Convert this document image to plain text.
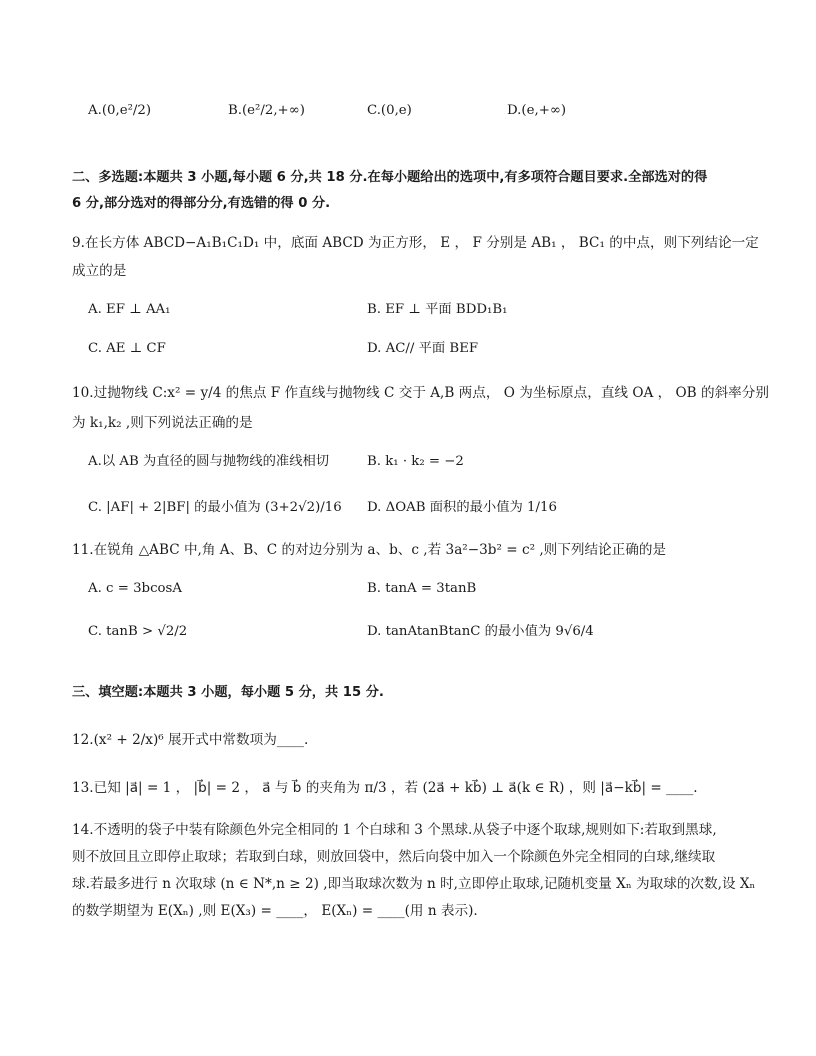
A.(0,e²/2)	B.(e²/2,+∞)	C.(0,e)	D.(e,+∞)
二、多选题:本题共 3 小题,每小题 6 分,共 18 分.在每小题给出的选项中,有多项符合题目要求.全部选对的得
6 分,部分选对的得部分分,有选错的得 0 分.
9.在长方体 ABCD−A₁B₁C₁D₁ 中，底面 ABCD 为正方形， E ， F 分别是 AB₁ ， BC₁ 的中点，则下列结论一定
成立的是
A. EF ⊥ AA₁	B. EF ⊥ 平面 BDD₁B₁
C. AE ⊥ CF	D. AC// 平面 BEF
10.过抛物线 C:x² = y/4 的焦点 F 作直线与抛物线 C 交于 A,B 两点， O 为坐标原点，直线 OA ， OB 的斜率分别
为 k₁,k₂ ,则下列说法正确的是
A.以 AB 为直径的圆与抛物线的准线相切	B. k₁ · k₂ = −2
C. |AF| + 2|BF| 的最小值为 (3+2√2)/16 D. ΔOAB 面积的最小值为 1/16
11.在锐角 △ABC 中,角 A、B、C 的对边分别为 a、b、c ,若 3a²−3b² = c² ,则下列结论正确的是
A. c = 3bcosA	B. tanA = 3tanB
C. tanB > √2/2	D. tanAtanBtanC 的最小值为 9√6/4
三、填空题:本题共 3 小题，每小题 5 分，共 15 分.
12.(x² + 2/x)⁶ 展开式中常数项为____.
13.已知 |a⃗| = 1 ， |b⃗| = 2 ， a⃗ 与 b⃗ 的夹角为 π/3 ，若 (2a⃗ + kb⃗) ⊥ a⃗(k ∈ R) ，则 |a⃗−kb⃗| = ____.
14.不透明的袋子中装有除颜色外完全相同的 1 个白球和 3 个黑球.从袋子中逐个取球,规则如下:若取到黑球,
则不放回且立即停止取球；若取到白球，则放回袋中，然后向袋中加入一个除颜色外完全相同的白球,继续取
球.若最多进行 n 次取球 (n ∈ N*,n ≥ 2) ,即当取球次数为 n 时,立即停止取球,记随机变量 Xₙ 为取球的次数,设 Xₙ
的数学期望为 E(Xₙ) ,则 E(X₃) = ____， E(Xₙ) = ____(用 n 表示).
